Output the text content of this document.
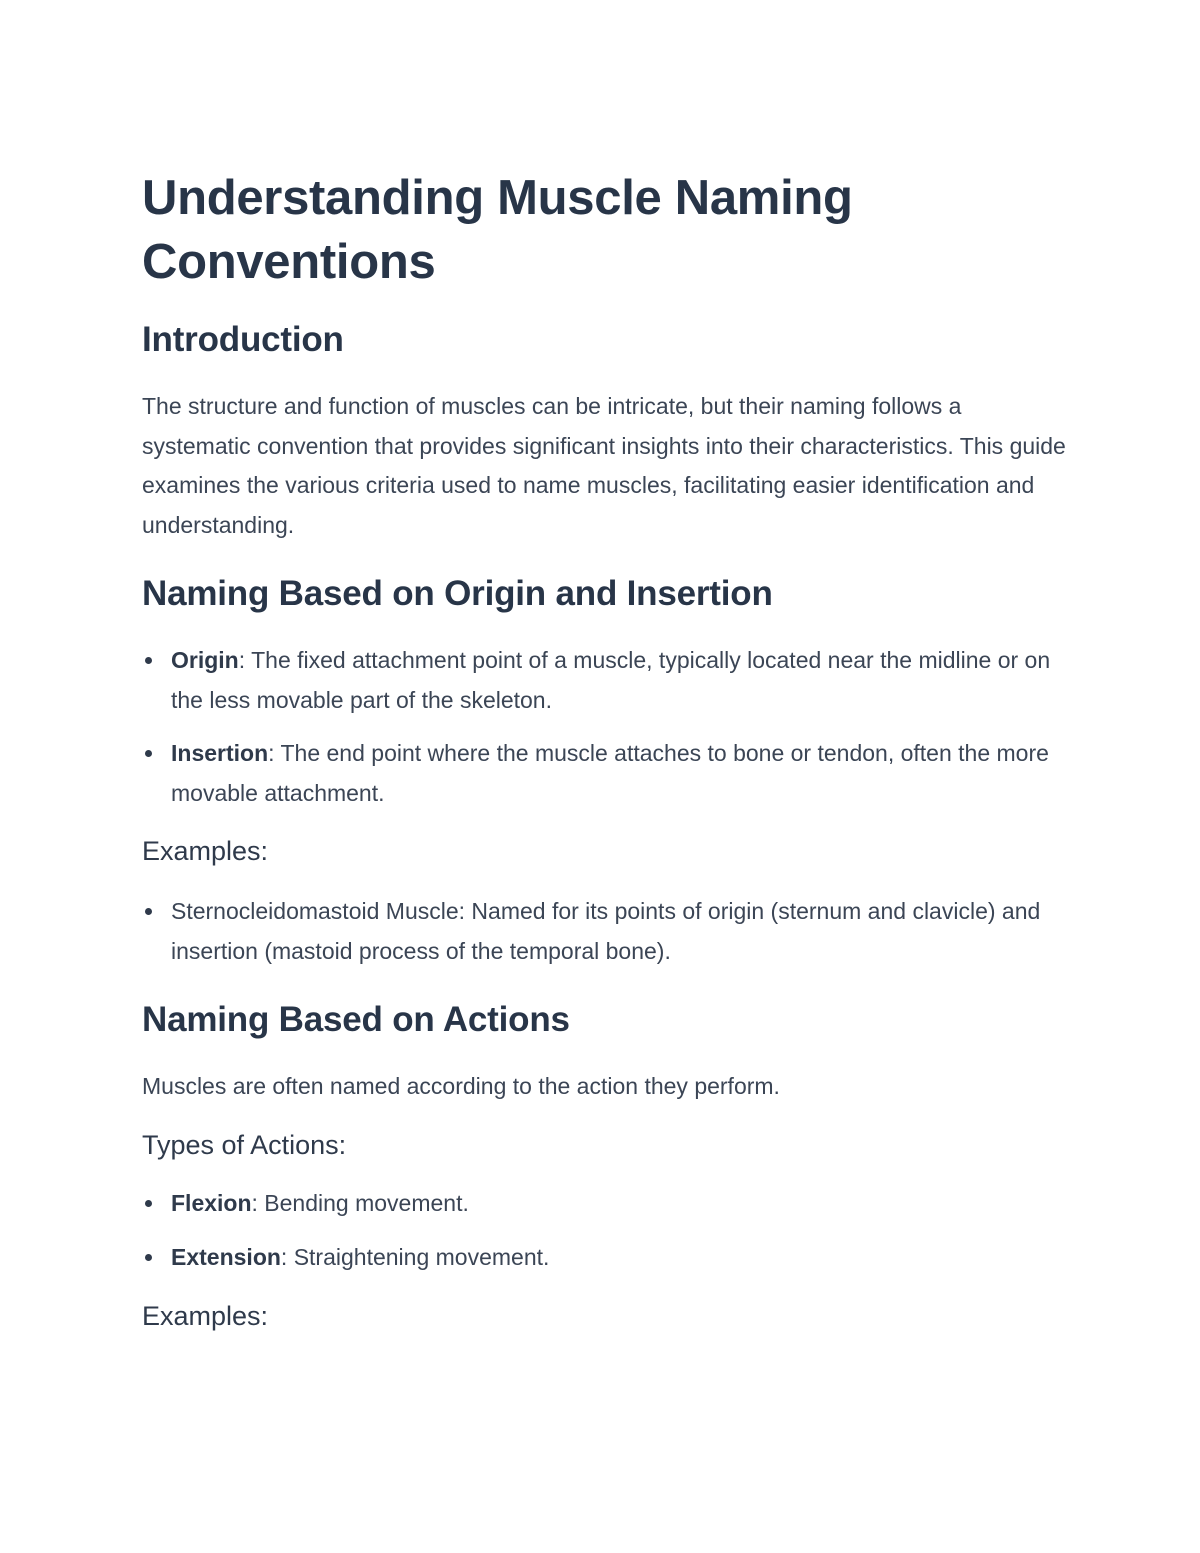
Understanding Muscle Naming Conventions
Introduction

The structure and function of muscles can be intricate, but their naming follows a systematic convention that provides significant insights into their characteristics. This guide examines the various criteria used to name muscles, facilitating easier identification and understanding.

Naming Based on Origin and Insertion
Origin: The fixed attachment point of a muscle, typically located near the midline or on the less movable part of the skeleton.
Insertion: The end point where the muscle attaches to bone or tendon, often the more movable attachment.
Examples:
Sternocleidomastoid Muscle: Named for its points of origin (sternum and clavicle) and insertion (mastoid process of the temporal bone).
Naming Based on Actions

Muscles are often named according to the action they perform.

Types of Actions:
Flexion: Bending movement.
Extension: Straightening movement.
Examples:
